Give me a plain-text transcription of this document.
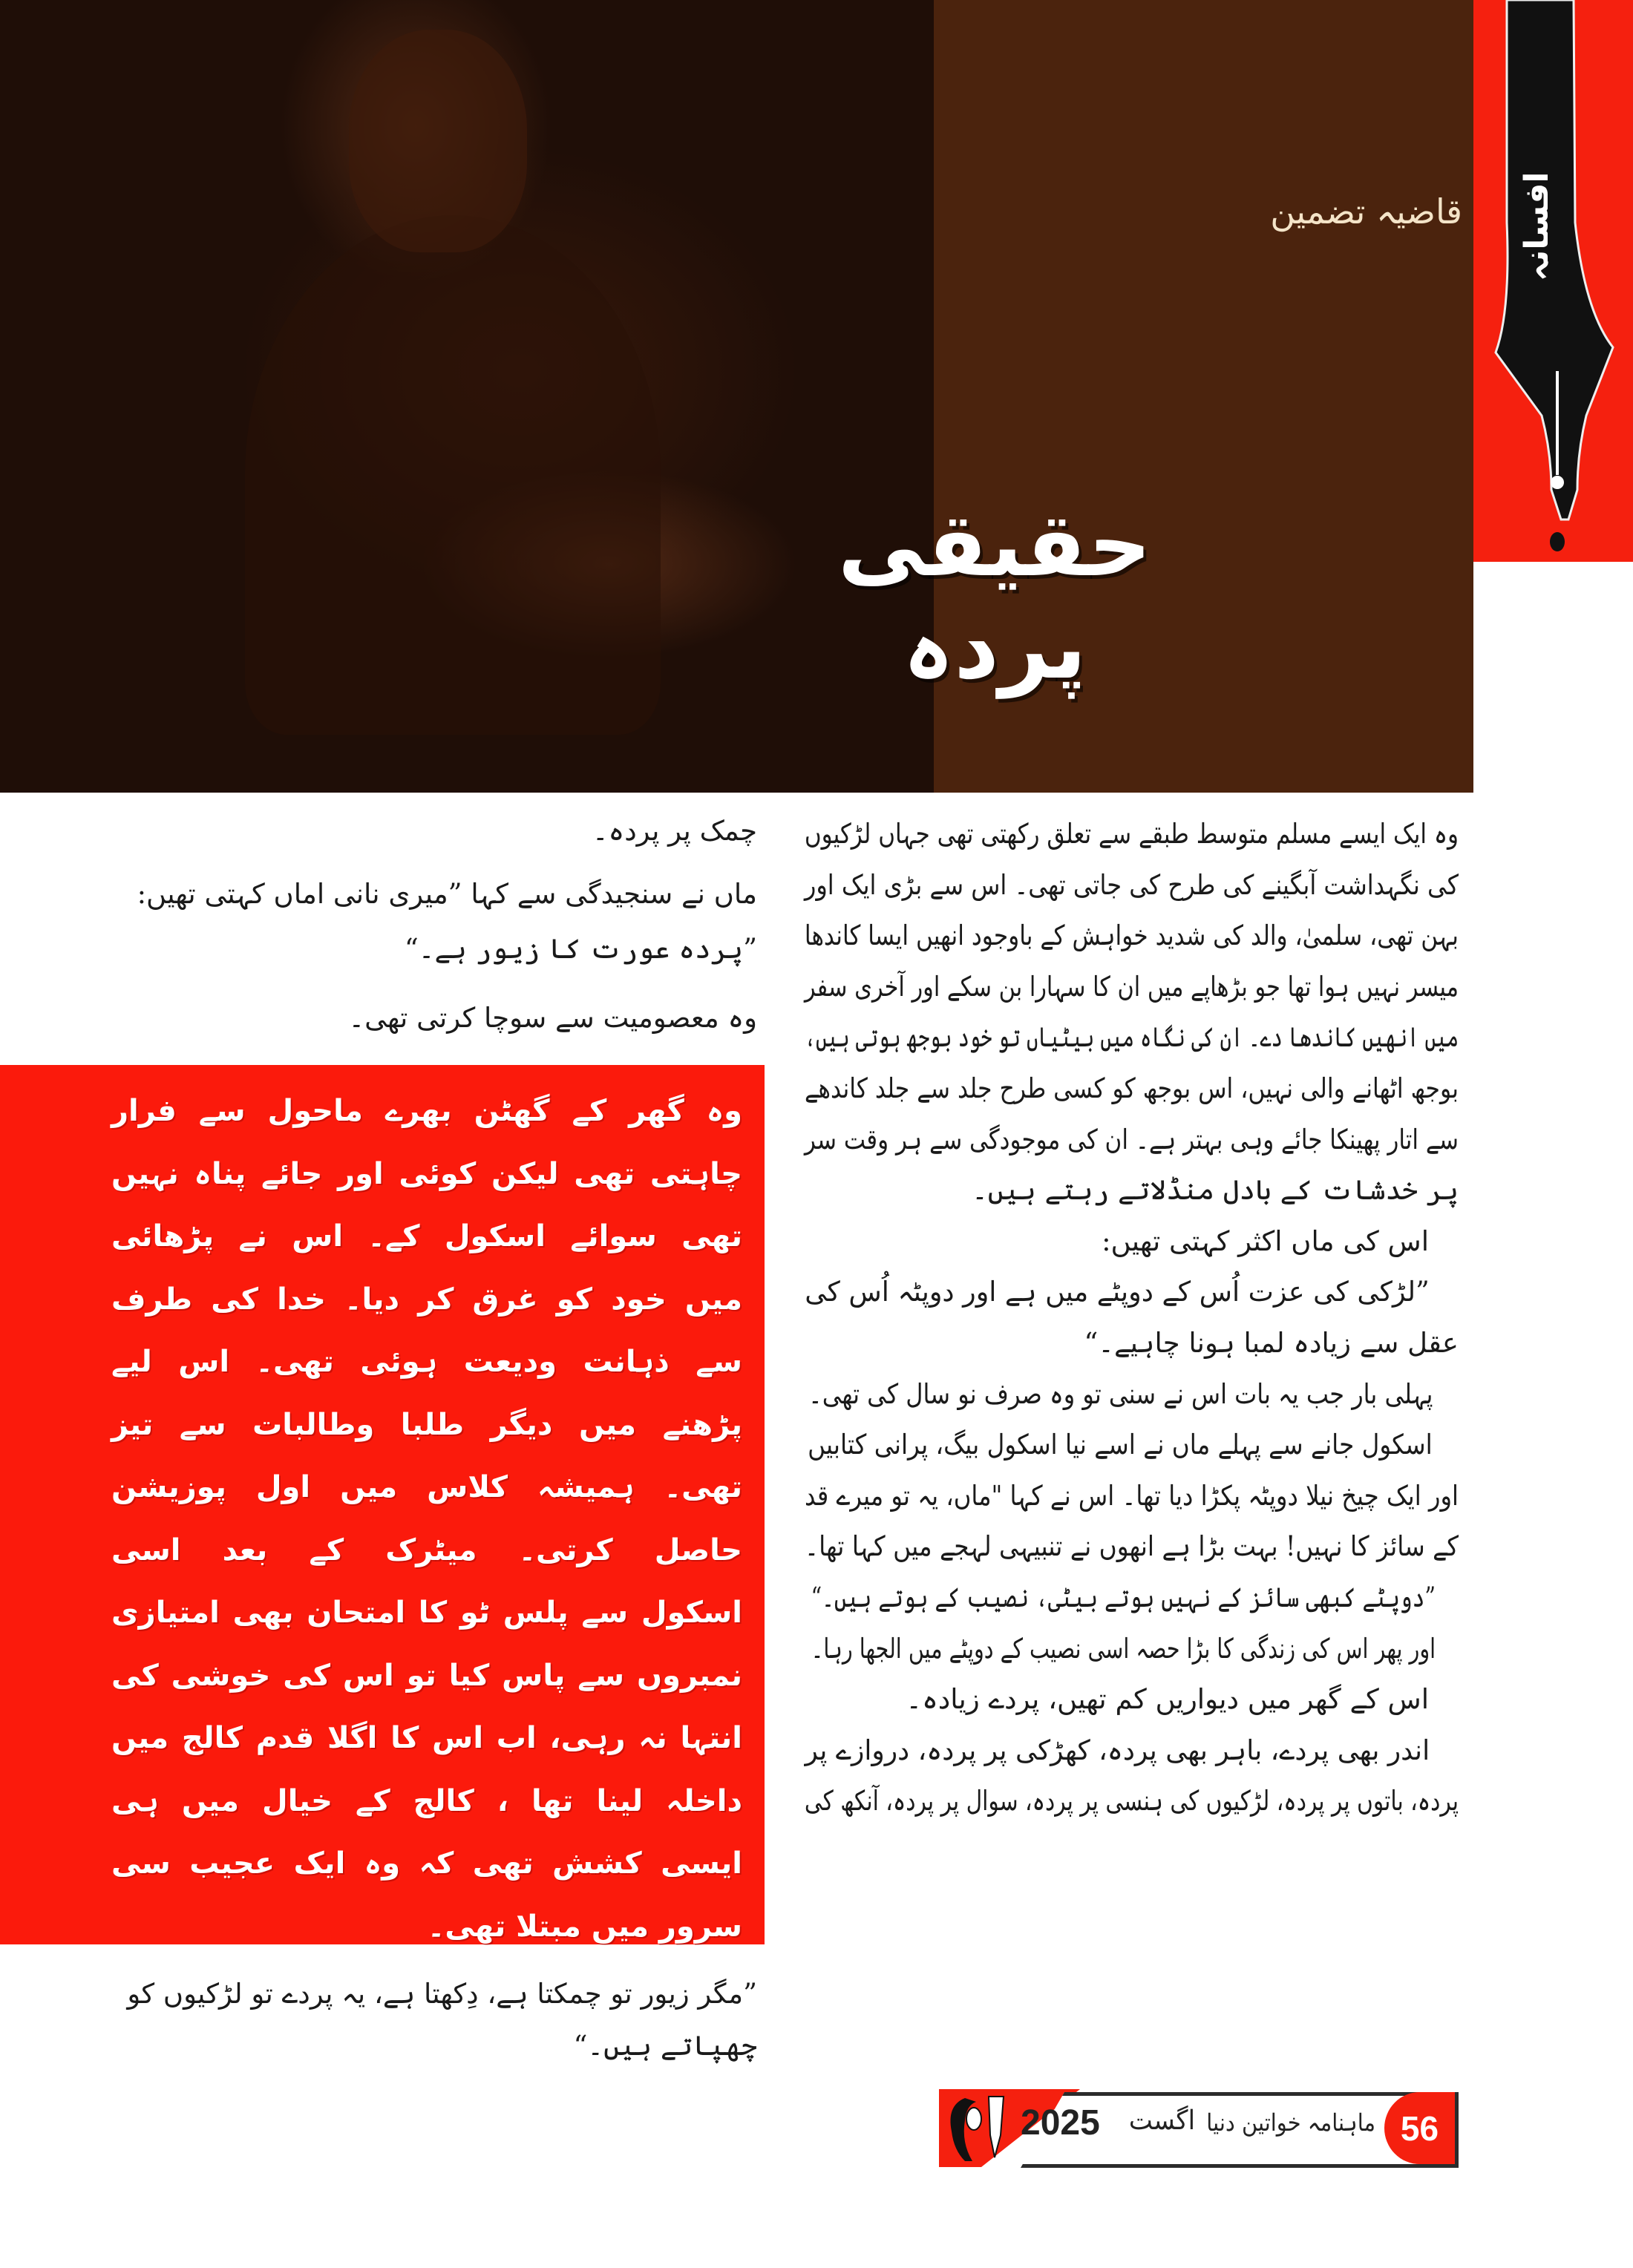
افسانہ
قاضیہ تضمین
حقیقی پردہ
وہ ایک ایسے مسلم متوسط طبقے سے تعلق رکھتی تھی جہاں لڑکیوں
کی نگہداشت آبگینے کی طرح کی جاتی تھی۔ اس سے بڑی ایک اور
بہن تھی، سلمیٰ، والد کی شدید خواہش کے باوجود انھیں ایسا کاندھا
میسر نہیں ہوا تھا جو بڑھاپے میں ان کا سہارا بن سکے اور آخری سفر
میں انھیں کاندھا دے۔ ان کی نگاہ میں بیٹیاں تو خود بوجھ ہوتی ہیں،
بوجھ اٹھانے والی نہیں، اس بوجھ کو کسی طرح جلد سے جلد کاندھے
سے اتار پھینکا جائے وہی بہتر ہے۔ ان کی موجودگی سے ہر وقت سر
پر خدشات کے بادل منڈلاتے رہتے ہیں۔
اس کی ماں اکثر کہتی تھیں:
”لڑکی کی عزت اُس کے دوپٹے میں ہے اور دوپٹہ اُس کی
عقل سے زیادہ لمبا ہونا چاہیے۔“
پہلی بار جب یہ بات اس نے سنی تو وہ صرف نو سال کی تھی۔
اسکول جانے سے پہلے ماں نے اسے نیا اسکول بیگ، پرانی کتابیں
اور ایک چیخ نیلا دوپٹہ پکڑا دیا تھا۔ اس نے کہا "ماں، یہ تو میرے قد
کے سائز کا نہیں! بہت بڑا ہے انھوں نے تنبیہی لہجے میں کہا تھا۔
”دوپٹے کبھی سائز کے نہیں ہوتے بیٹی، نصیب کے ہوتے ہیں۔“
اور پھر اس کی زندگی کا بڑا حصہ اسی نصیب کے دوپٹے میں الجھا رہا۔
اس کے گھر میں دیواریں کم تھیں، پردے زیادہ۔
اندر بھی پردے، باہر بھی پردہ، کھڑکی پر پردہ، دروازے پر
پردہ، باتوں پر پردہ، لڑکیوں کی ہنسی پر پردہ، سوال پر پردہ، آنکھ کی
چمک پر پردہ۔
ماں نے سنجیدگی سے کہا ”میری نانی اماں کہتی تھیں:
”پردہ عورت کا زیور ہے۔“
وہ معصومیت سے سوچا کرتی تھی۔
وہ گھر کے گھٹن بھرے ماحول سے فرار
چاہتی تھی لیکن کوئی اور جائے پناہ نہیں
تھی سوائے اسکول کے۔ اس نے پڑھائی
میں خود کو غرق کر دیا۔ خدا کی طرف
سے ذہانت ودیعت ہوئی تھی۔ اس لیے
پڑھنے میں دیگر طلبا وطالبات سے تیز
تھی۔ ہمیشہ کلاس میں اول پوزیشن
حاصل کرتی۔ میٹرک کے بعد اسی
اسکول سے پلس ٹو کا امتحان بھی امتیازی
نمبروں سے پاس کیا تو اس کی خوشی کی
انتہا نہ رہی، اب اس کا اگلا قدم کالج میں
داخلہ لینا تھا ، کالج کے خیال میں ہی
ایسی کشش تھی کہ وہ ایک عجیب سی
سرور میں مبتلا تھی۔
”مگر زیور تو چمکتا ہے، دِکھتا ہے، یہ پردے تو لڑکیوں کو
چھپاتے ہیں۔“
2025 اگست ماہنامہ خواتین دنیا 56
